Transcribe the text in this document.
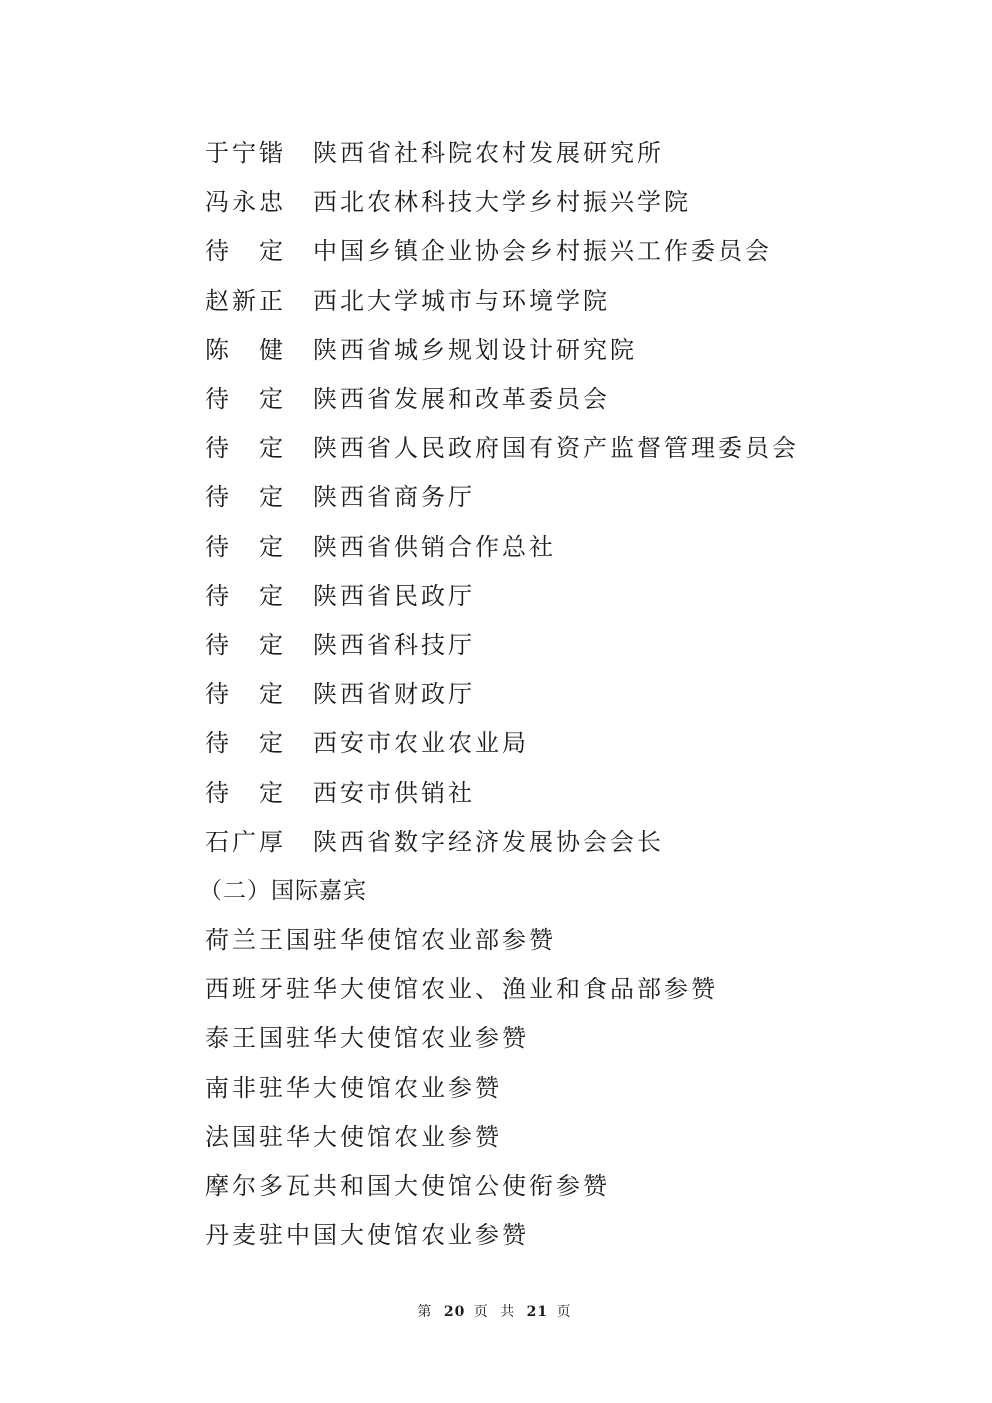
于宁锴	陕西省社科院农村发展研究所
冯永忠	西北农林科技大学乡村振兴学院
待　定	中国乡镇企业协会乡村振兴工作委员会
赵新正	西北大学城市与环境学院
陈　健	陕西省城乡规划设计研究院
待　定	陕西省发展和改革委员会
待　定	陕西省人民政府国有资产监督管理委员会
待　定	陕西省商务厅
待　定	陕西省供销合作总社
待　定	陕西省民政厅
待　定	陕西省科技厅
待　定	陕西省财政厅
待　定	西安市农业农业局
待　定	西安市供销社
石广厚	陕西省数字经济发展协会会长
（二）国际嘉宾
荷兰王国驻华使馆农业部参赞
西班牙驻华大使馆农业、渔业和食品部参赞
泰王国驻华大使馆农业参赞
南非驻华大使馆农业参赞
法国驻华大使馆农业参赞
摩尔多瓦共和国大使馆公使衔参赞
丹麦驻中国大使馆农业参赞
第 20 页 共 21 页
